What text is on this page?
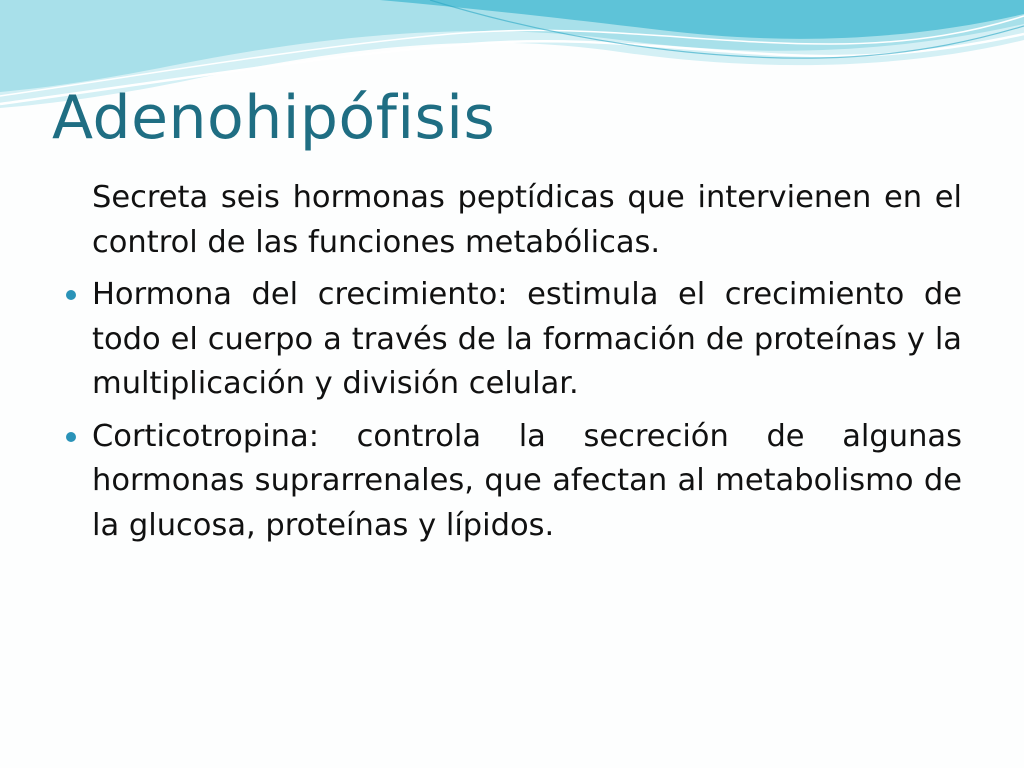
Adenohipófisis

Secreta seis hormonas peptídicas que intervienen en el control de las funciones metabólicas.

Hormona del crecimiento: estimula el crecimiento de todo el cuerpo a través de la formación de proteínas y la multiplicación y división celular.

Corticotropina: controla la secreción de algunas hormonas suprarrenales, que afectan al metabolismo de la glucosa, proteínas y lípidos.
